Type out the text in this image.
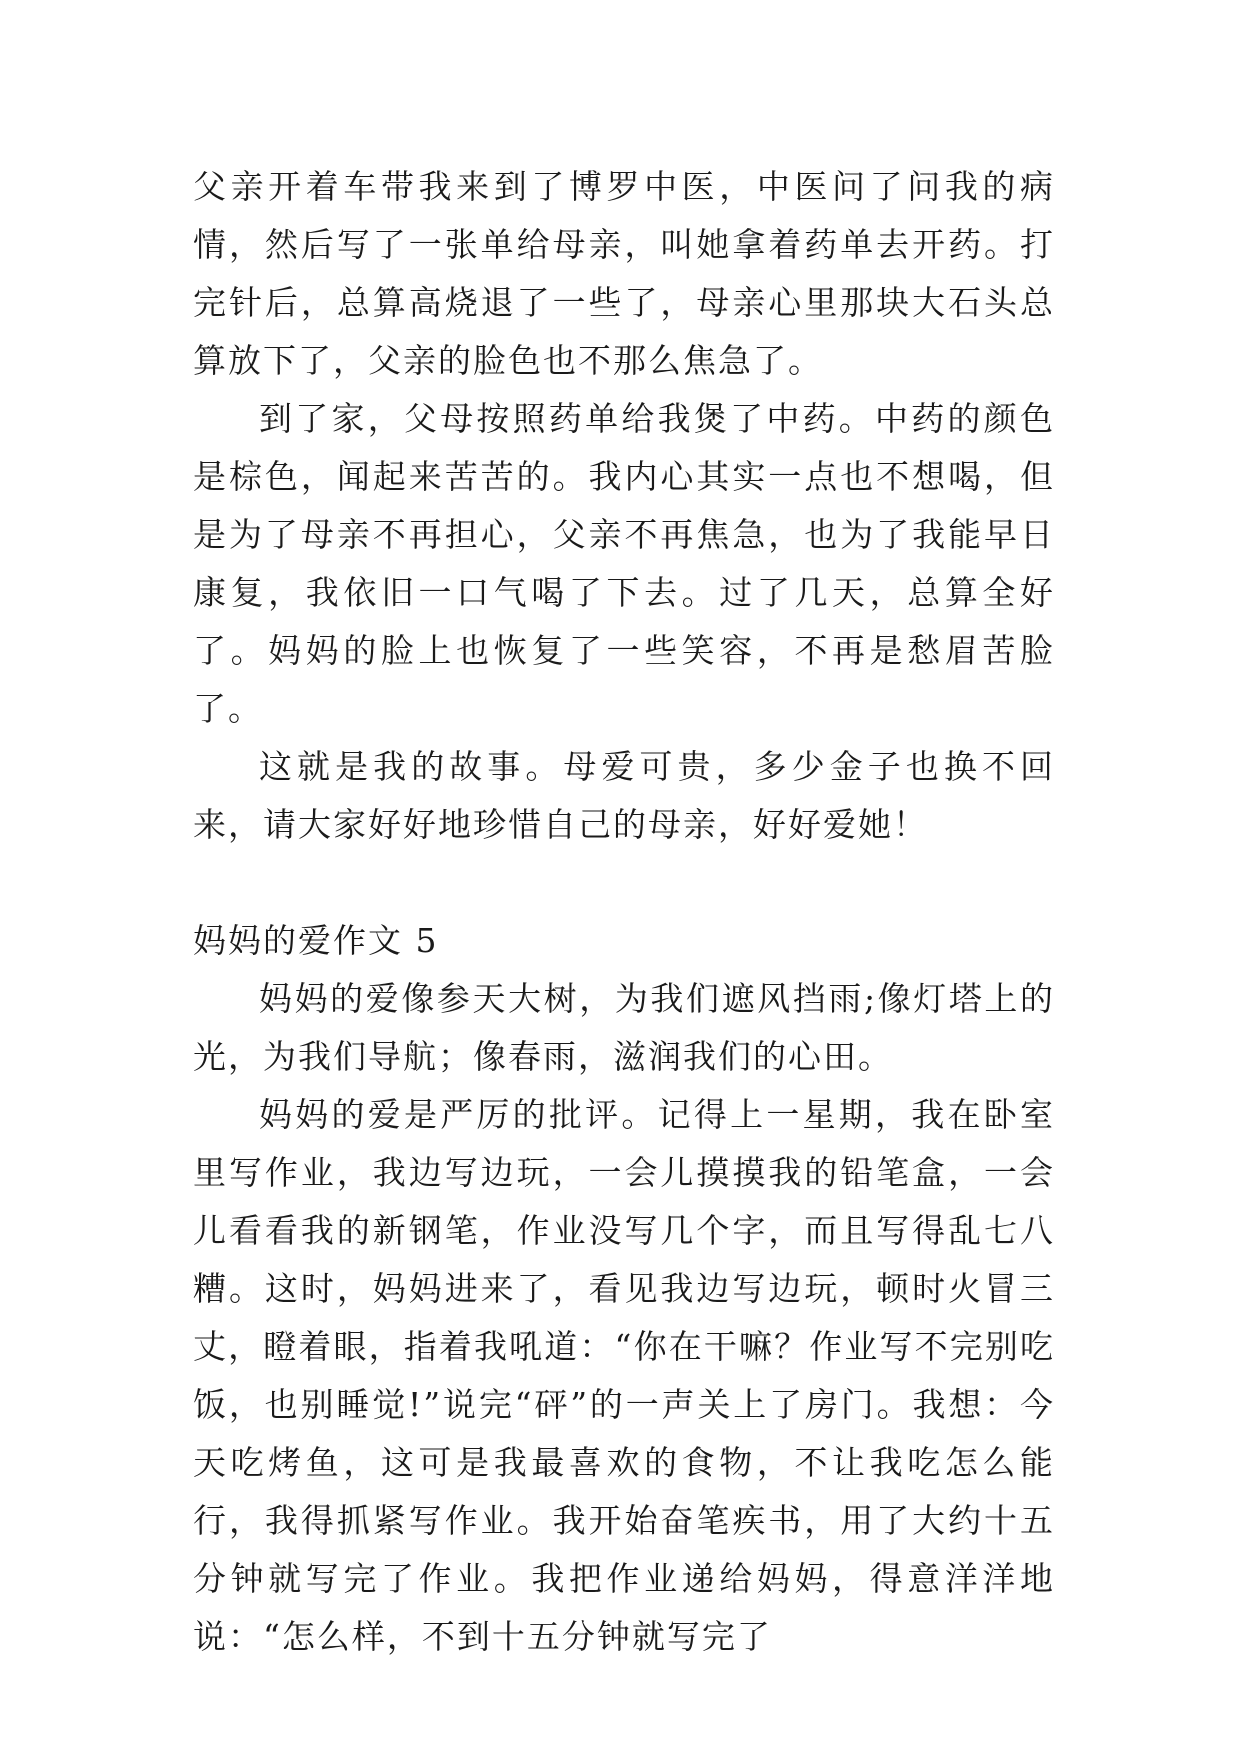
父亲开着车带我来到了博罗中医，中医问了问我的病情，然后写了一张单给母亲，叫她拿着药单去开药。打完针后，总算高烧退了一些了，母亲心里那块大石头总算放下了，父亲的脸色也不那么焦急了。

到了家，父母按照药单给我煲了中药。中药的颜色是棕色，闻起来苦苦的。我内心其实一点也不想喝，但是为了母亲不再担心，父亲不再焦急，也为了我能早日康复，我依旧一口气喝了下去。过了几天，总算全好了。妈妈的脸上也恢复了一些笑容，不再是愁眉苦脸了。

这就是我的故事。母爱可贵，多少金子也换不回来，请大家好好地珍惜自己的母亲，好好爱她！

妈妈的爱作文 5

妈妈的爱像参天大树，为我们遮风挡雨;像灯塔上的光，为我们导航；像春雨，滋润我们的心田。

妈妈的爱是严厉的批评。记得上一星期，我在卧室里写作业，我边写边玩，一会儿摸摸我的铅笔盒，一会儿看看我的新钢笔，作业没写几个字，而且写得乱七八糟。这时，妈妈进来了，看见我边写边玩，顿时火冒三丈，瞪着眼，指着我吼道：“你在干嘛？作业写不完别吃饭，也别睡觉!”说完“砰”的一声关上了房门。我想：今天吃烤鱼，这可是我最喜欢的食物，不让我吃怎么能行，我得抓紧写作业。我开始奋笔疾书，用了大约十五分钟就写完了作业。我把作业递给妈妈，得意洋洋地说：“怎么样，不到十五分钟就写完了
